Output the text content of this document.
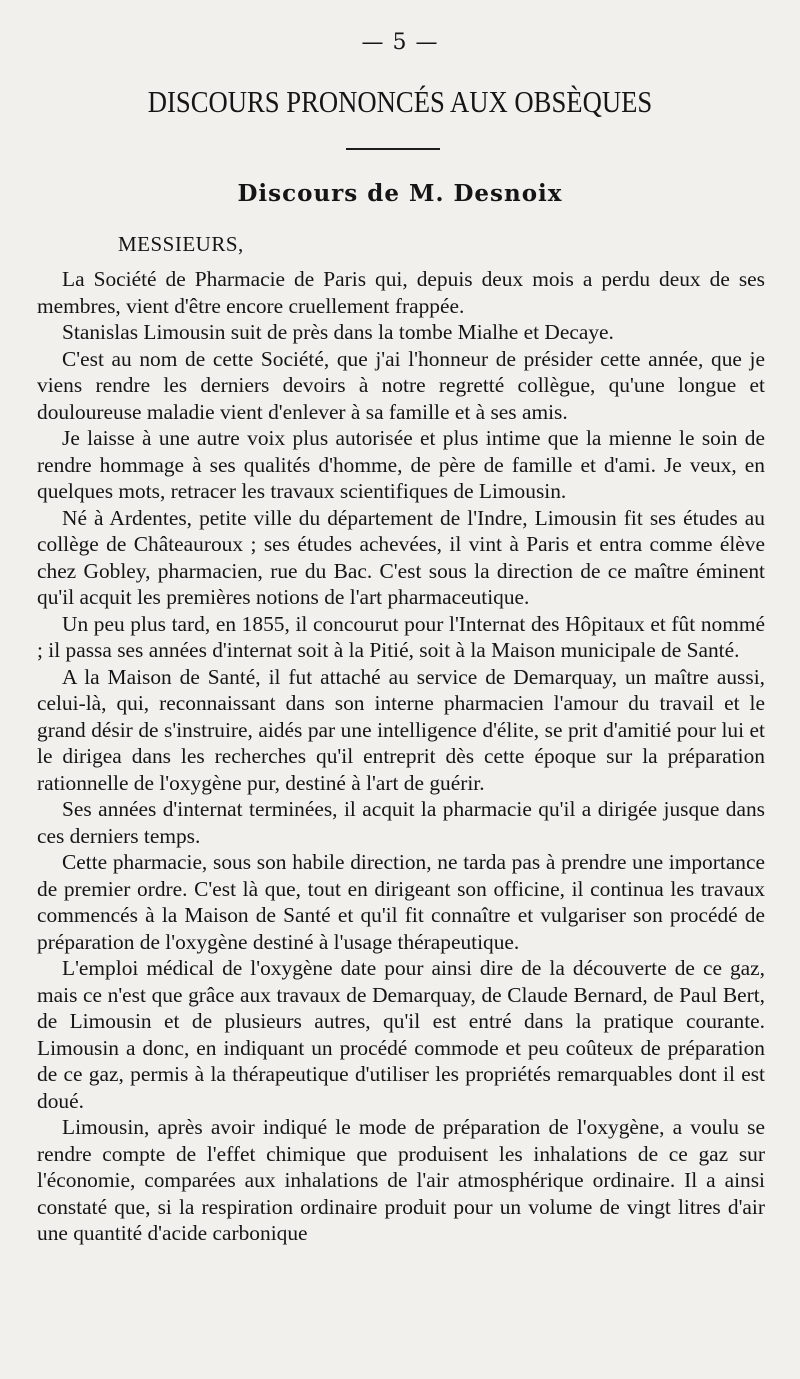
— 5 —
DISCOURS PRONONCÉS AUX OBSÈQUES
Discours de M. Desnoix
MESSIEURS,

La Société de Pharmacie de Paris qui, depuis deux mois a perdu deux de ses membres, vient d'être encore cruellement frappée.

Stanislas Limousin suit de près dans la tombe Mialhe et Decaye.

C'est au nom de cette Société, que j'ai l'honneur de présider cette année, que je viens rendre les derniers devoirs à notre regretté collègue, qu'une longue et douloureuse maladie vient d'enlever à sa famille et à ses amis.

Je laisse à une autre voix plus autorisée et plus intime que la mienne le soin de rendre hommage à ses qualités d'homme, de père de famille et d'ami. Je veux, en quelques mots, retracer les travaux scientifiques de Limousin.

Né à Ardentes, petite ville du département de l'Indre, Limousin fit ses études au collège de Châteauroux ; ses études achevées, il vint à Paris et entra comme élève chez Gobley, pharmacien, rue du Bac. C'est sous la direction de ce maître éminent qu'il acquit les premières notions de l'art pharmaceutique.

Un peu plus tard, en 1855, il concourut pour l'Internat des Hôpitaux et fût nommé ; il passa ses années d'internat soit à la Pitié, soit à la Maison municipale de Santé.

A la Maison de Santé, il fut attaché au service de Demarquay, un maître aussi, celui-là, qui, reconnaissant dans son interne pharmacien l'amour du travail et le grand désir de s'instruire, aidés par une intelligence d'élite, se prit d'amitié pour lui et le dirigea dans les recherches qu'il entreprit dès cette époque sur la préparation rationnelle de l'oxygène pur, destiné à l'art de guérir.

Ses années d'internat terminées, il acquit la pharmacie qu'il a dirigée jusque dans ces derniers temps.

Cette pharmacie, sous son habile direction, ne tarda pas à prendre une importance de premier ordre. C'est là que, tout en dirigeant son officine, il continua les travaux commencés à la Maison de Santé et qu'il fit connaître et vulgariser son procédé de préparation de l'oxygène destiné à l'usage thérapeutique.

L'emploi médical de l'oxygène date pour ainsi dire de la découverte de ce gaz, mais ce n'est que grâce aux travaux de Demarquay, de Claude Bernard, de Paul Bert, de Limousin et de plusieurs autres, qu'il est entré dans la pratique courante. Limousin a donc, en indiquant un procédé commode et peu coûteux de préparation de ce gaz, permis à la thérapeutique d'utiliser les propriétés remarquables dont il est doué.

Limousin, après avoir indiqué le mode de préparation de l'oxygène, a voulu se rendre compte de l'effet chimique que produisent les inhalations de ce gaz sur l'économie, comparées aux inhalations de l'air atmosphérique ordinaire. Il a ainsi constaté que, si la respiration ordinaire produit pour un volume de vingt litres d'air une quantité d'acide carbonique
